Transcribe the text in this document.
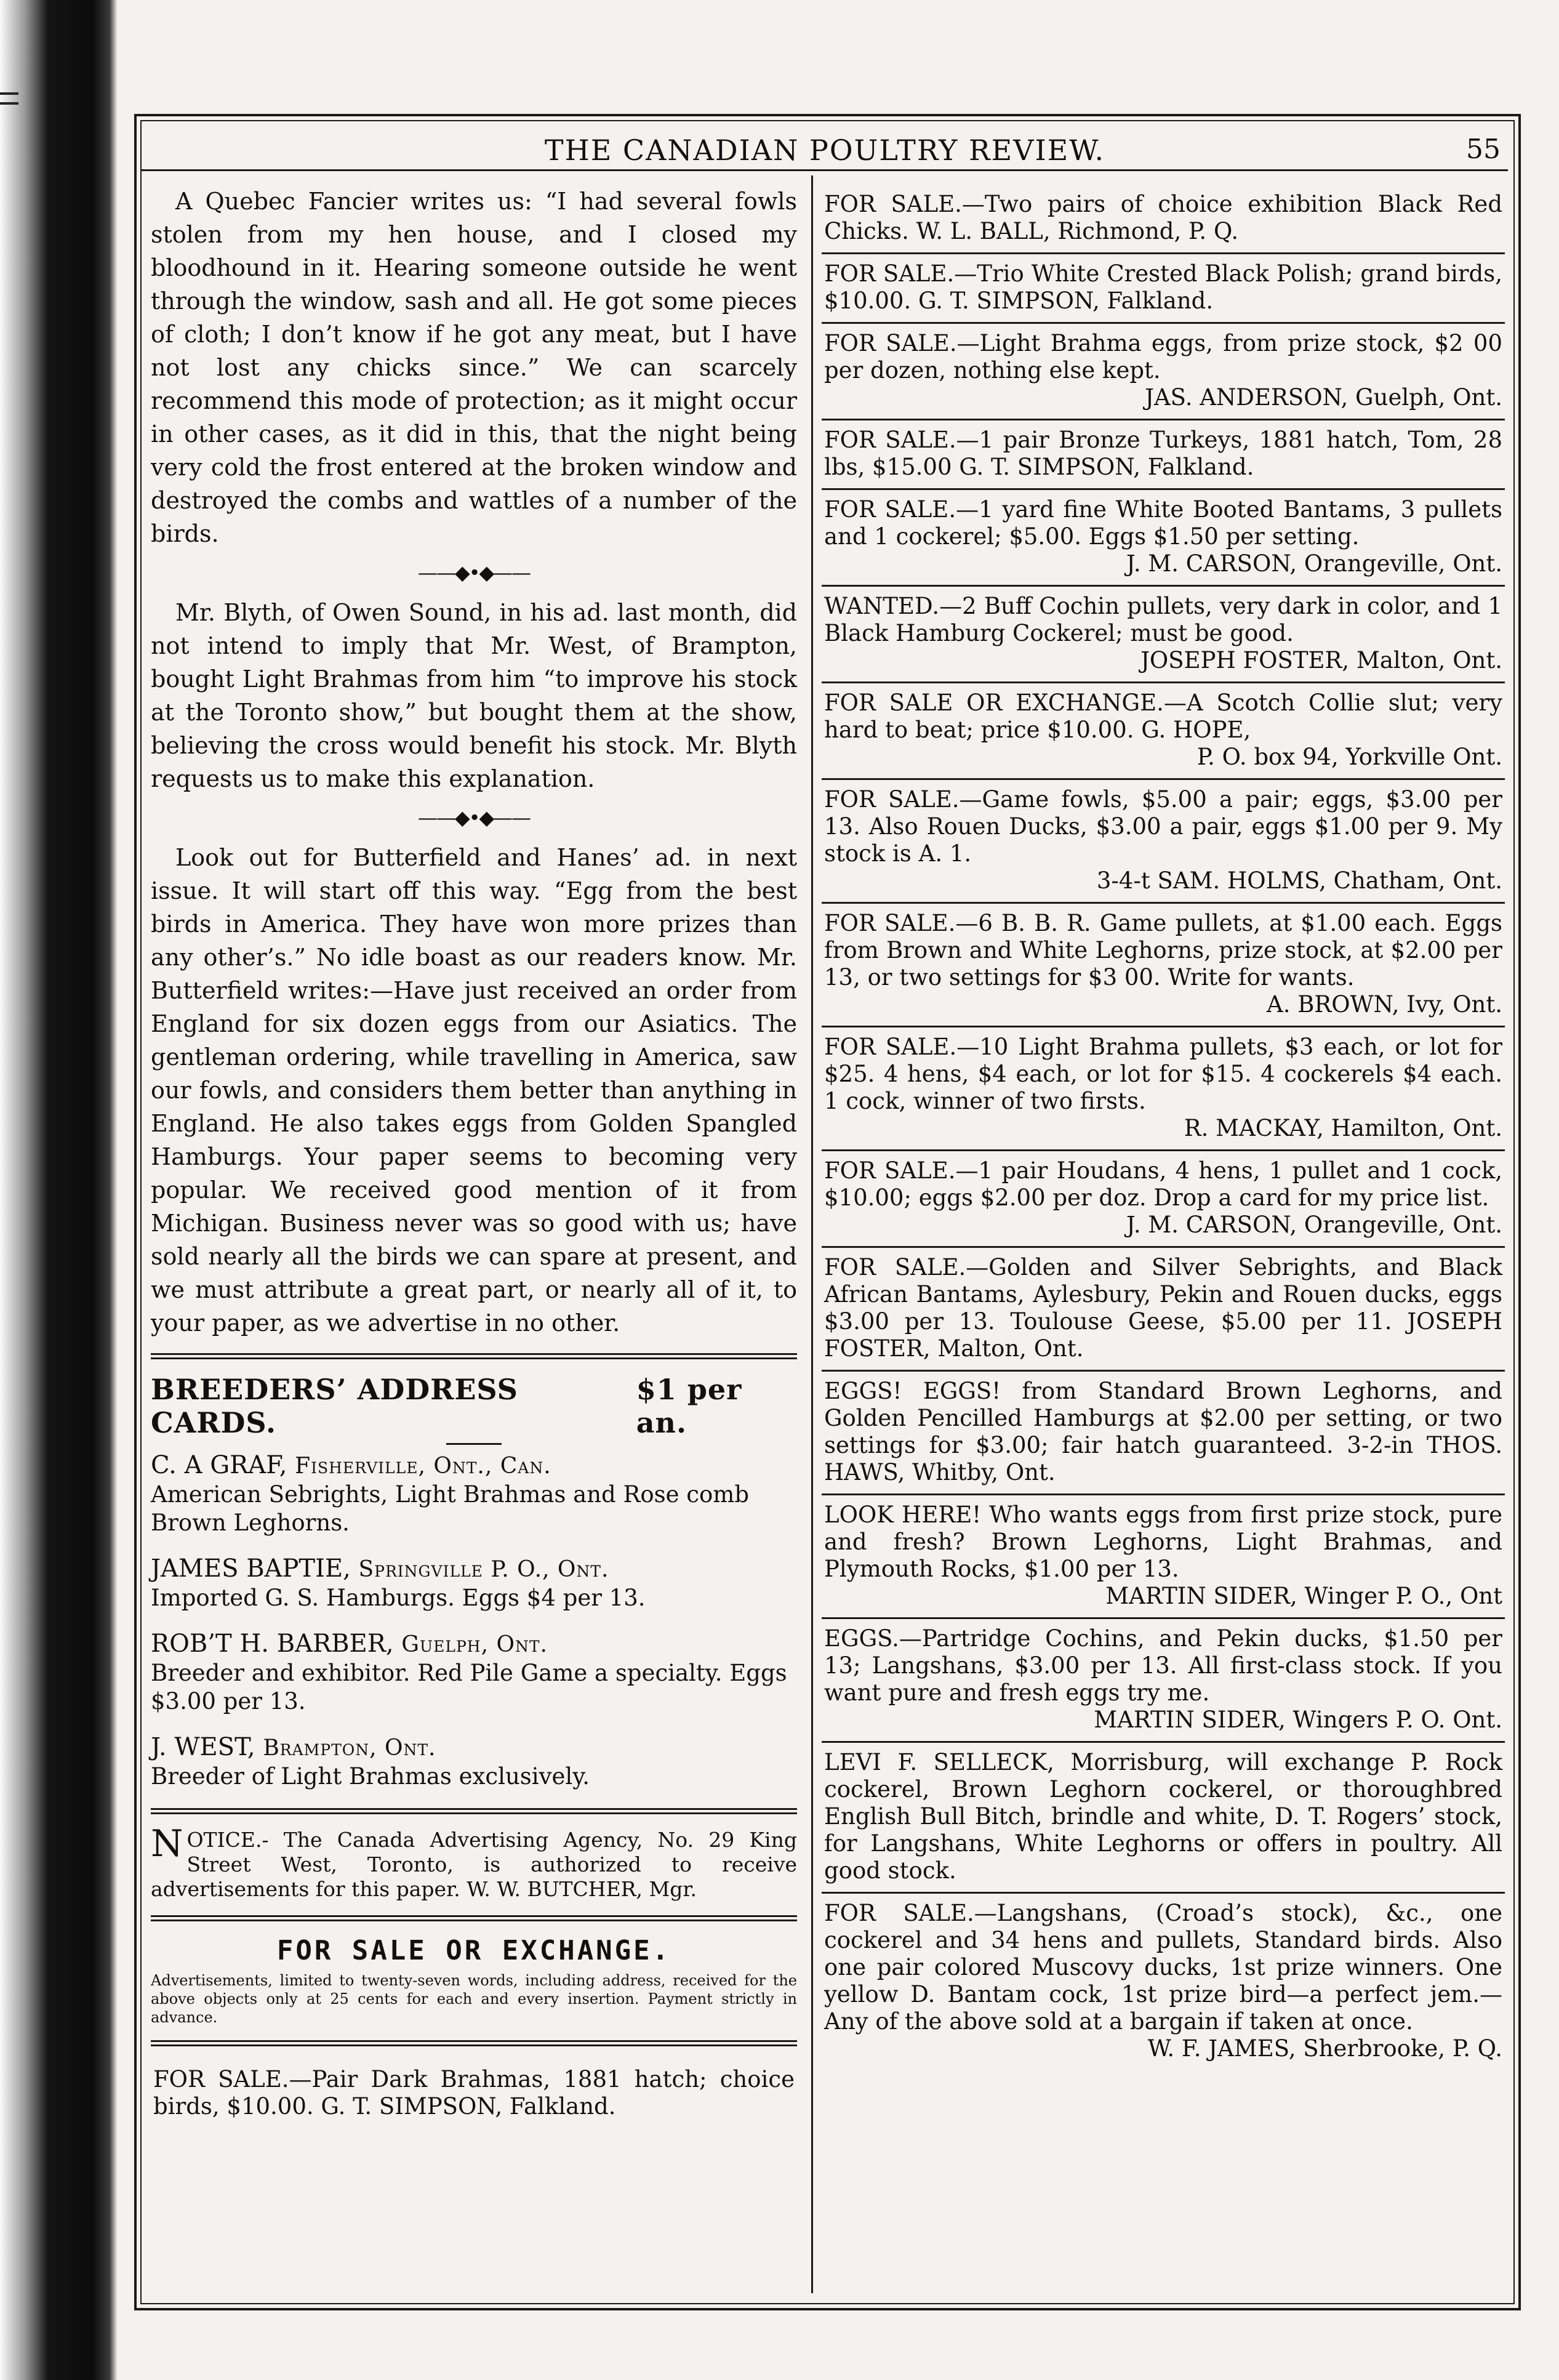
THE CANADIAN POULTRY REVIEW.	55

A Quebec Fancier writes us: “I had several fowls stolen from my hen house, and I closed my bloodhound in it. Hearing someone outside he went through the window, sash and all. He got some pieces of cloth; I don’t know if he got any meat, but I have not lost any chicks since.” We can scarcely recommend this mode of protection; as it might occur in other cases, as it did in this, that the night being very cold the frost entered at the broken window and destroyed the combs and wattles of a number of the birds.

——◆•◆——

Mr. Blyth, of Owen Sound, in his ad. last month, did not intend to imply that Mr. West, of Brampton, bought Light Brahmas from him “to improve his stock at the Toronto show,” but bought them at the show, believing the cross would benefit his stock. Mr. Blyth requests us to make this explanation.

——◆•◆——

Look out for Butterfield and Hanes’ ad. in next issue. It will start off this way. “Egg from the best birds in America. They have won more prizes than any other’s.” No idle boast as our readers know. Mr. Butterfield writes:—Have just received an order from England for six dozen eggs from our Asiatics. The gentleman ordering, while travelling in America, saw our fowls, and considers them better than anything in England. He also takes eggs from Golden Spangled Hamburgs. Your paper seems to becoming very popular. We received good mention of it from Michigan. Business never was so good with us; have sold nearly all the birds we can spare at present, and we must attribute a great part, or nearly all of it, to your paper, as we advertise in no other.

BREEDERS’ ADDRESS CARDS.
$1 per an.
C. A GRAF, Fisherville, Ont., Can.
American Sebrights, Light Brahmas and Rose comb Brown Leghorns.
JAMES BAPTIE, Springville P. O., Ont.
Imported G. S. Hamburgs. Eggs $4 per 13.
ROB’T H. BARBER, Guelph, Ont.
Breeder and exhibitor. Red Pile Game a specialty. Eggs $3.00 per 13.
J. WEST, Brampton, Ont.
Breeder of Light Brahmas exclusively.
NOTICE.- The Canada Advertising Agency, No. 29 King Street West, Toronto, is authorized to receive advertisements for this paper. W. W. BUTCHER, Mgr.
FOR SALE OR EXCHANGE.

Advertisements, limited to twenty-seven words, including address, received for the above objects only at 25 cents for each and every insertion. Payment strictly in advance.

FOR SALE.—Pair Dark Brahmas, 1881 hatch; choice birds, $10.00. G. T. SIMPSON, Falkland.
FOR SALE.—Two pairs of choice exhibition Black Red Chicks. W. L. BALL, Richmond, P. Q.
FOR SALE.—Trio White Crested Black Polish; grand birds, $10.00. G. T. SIMPSON, Falkland.
FOR SALE.—Light Brahma eggs, from prize stock, $2 00 per dozen, nothing else kept.
JAS. ANDERSON, Guelph, Ont.
FOR SALE.—1 pair Bronze Turkeys, 1881 hatch, Tom, 28 lbs, $15.00 G. T. SIMPSON, Falkland.
FOR SALE.—1 yard fine White Booted Bantams, 3 pullets and 1 cockerel; $5.00. Eggs $1.50 per setting.
J. M. CARSON, Orangeville, Ont.
WANTED.—2 Buff Cochin pullets, very dark in color, and 1 Black Hamburg Cockerel; must be good.
JOSEPH FOSTER, Malton, Ont.
FOR SALE OR EXCHANGE.—A Scotch Collie slut; very hard to beat; price $10.00. G. HOPE,
P. O. box 94, Yorkville Ont.
FOR SALE.—Game fowls, $5.00 a pair; eggs, $3.00 per 13. Also Rouen Ducks, $3.00 a pair, eggs $1.00 per 9. My stock is A. 1.
3-4-t SAM. HOLMS, Chatham, Ont.
FOR SALE.—6 B. B. R. Game pullets, at $1.00 each. Eggs from Brown and White Leghorns, prize stock, at $2.00 per 13, or two settings for $3 00. Write for wants.
A. BROWN, Ivy, Ont.
FOR SALE.—10 Light Brahma pullets, $3 each, or lot for $25. 4 hens, $4 each, or lot for $15. 4 cockerels $4 each. 1 cock, winner of two firsts.
R. MACKAY, Hamilton, Ont.
FOR SALE.—1 pair Houdans, 4 hens, 1 pullet and 1 cock, $10.00; eggs $2.00 per doz. Drop a card for my price list.
J. M. CARSON, Orangeville, Ont.
FOR SALE.—Golden and Silver Sebrights, and Black African Bantams, Aylesbury, Pekin and Rouen ducks, eggs $3.00 per 13. Toulouse Geese, $5.00 per 11. JOSEPH FOSTER, Malton, Ont.
EGGS! EGGS! from Standard Brown Leghorns, and Golden Pencilled Hamburgs at $2.00 per setting, or two settings for $3.00; fair hatch guaranteed. 3-2-in THOS. HAWS, Whitby, Ont.
LOOK HERE! Who wants eggs from first prize stock, pure and fresh? Brown Leghorns, Light Brahmas, and Plymouth Rocks, $1.00 per 13.
MARTIN SIDER, Winger P. O., Ont
EGGS.—Partridge Cochins, and Pekin ducks, $1.50 per 13; Langshans, $3.00 per 13. All first-class stock. If you want pure and fresh eggs try me.
MARTIN SIDER, Wingers P. O. Ont.
LEVI F. SELLECK, Morrisburg, will exchange P. Rock cockerel, Brown Leghorn cockerel, or thoroughbred English Bull Bitch, brindle and white, D. T. Rogers’ stock, for Langshans, White Leghorns or offers in poultry. All good stock.
FOR SALE.—Langshans, (Croad’s stock), &c., one cockerel and 34 hens and pullets, Standard birds. Also one pair colored Muscovy ducks, 1st prize winners. One yellow D. Bantam cock, 1st prize bird—a perfect jem.—Any of the above sold at a bargain if taken at once.
W. F. JAMES, Sherbrooke, P. Q.
